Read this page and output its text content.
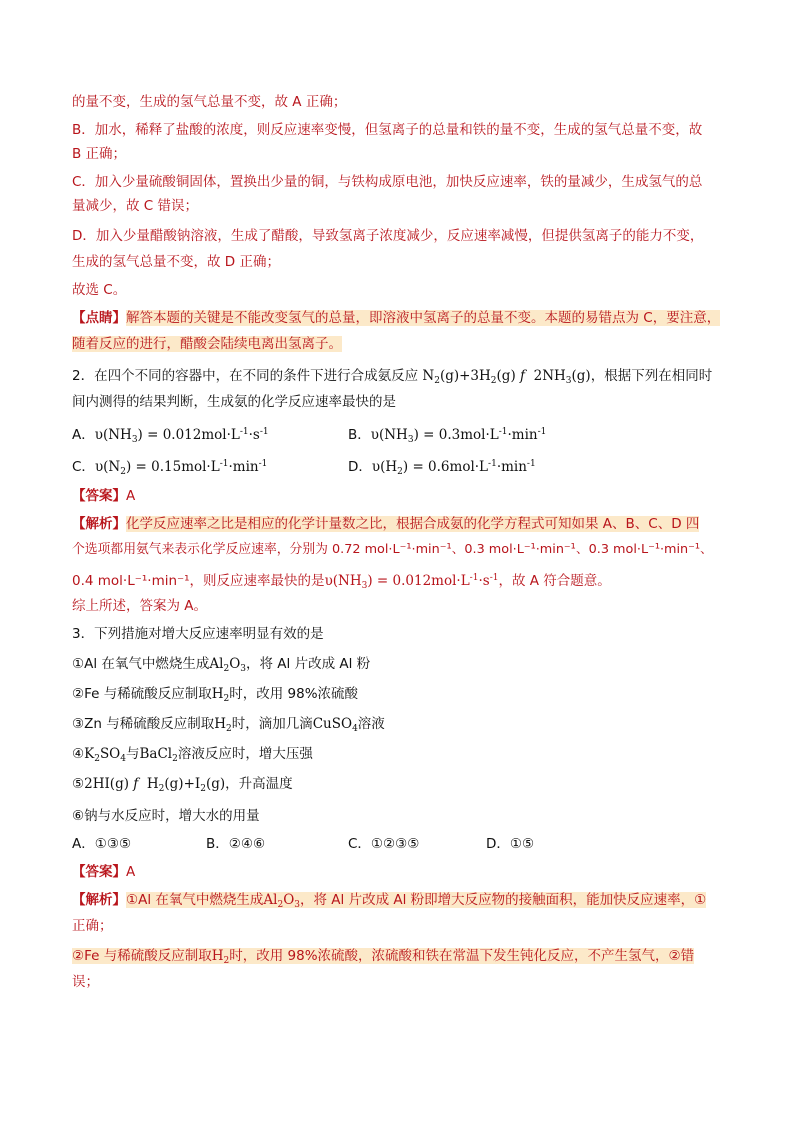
的量不变，生成的氢气总量不变，故 A 正确；
B．加水，稀释了盐酸的浓度，则反应速率变慢，但氢离子的总量和铁的量不变，生成的氢气总量不变，故
B 正确；
C．加入少量硫酸铜固体，置换出少量的铜，与铁构成原电池，加快反应速率，铁的量减少，生成氢气的总
量减少，故 C 错误；
D．加入少量醋酸钠溶液，生成了醋酸，导致氢离子浓度减少，反应速率减慢，但提供氢离子的能力不变，
生成的氢气总量不变，故 D 正确；
故选 C。
【点睛】解答本题的关键是不能改变氢气的总量，即溶液中氢离子的总量不变。本题的易错点为 C，要注意，
随着反应的进行，醋酸会陆续电离出氢离子。
2．在四个不同的容器中，在不同的条件下进行合成氨反应 $N_2(g)+3H_2(g)$ f  $2NH_3(g)$，根据下列在相同时
间内测得的结果判断，生成氨的化学反应速率最快的是
A．$\upsilon(NH_3) = 0.012mol\cdot L^{-1}\cdot s^{-1}$	B．$\upsilon(NH_3) = 0.3mol\cdot L^{-1}\cdot\min^{-1}$
C．$\upsilon(N_2) = 0.15mol\cdot L^{-1}\cdot\min^{-1}$	D．$\upsilon(H_2) = 0.6mol\cdot L^{-1}\cdot\min^{-1}$
【答案】A
【解析】化学反应速率之比是相应的化学计量数之比，根据合成氨的化学方程式可知如果 A、B、C、D 四
个选项都用氨气来表示化学反应速率，分别为 0.72 mol·L⁻¹·min⁻¹、0.3 mol·L⁻¹·min⁻¹、0.3 mol·L⁻¹·min⁻¹、
0.4 mol·L⁻¹·min⁻¹，则反应速率最快的是$\upsilon(NH_3) = 0.012mol\cdot L^{-1}\cdot s^{-1}$，故 A 符合题意。
综上所述，答案为 A。
3．下列措施对增大反应速率明显有效的是
①Al 在氧气中燃烧生成$Al_2O_3$，将 Al 片改成 Al 粉
②Fe 与稀硫酸反应制取$H_2$时，改用 98%浓硫酸
③Zn 与稀硫酸反应制取$H_2$时，滴加几滴CuSO$_4$溶液
$④K_2SO_4$与BaCl$_2$溶液反应时，增大压强
⑤2HI(g) f  $H_2(g)+I_2(g)$，升高温度
⑥钠与水反应时，增大水的用量
A．①③⑤	B．②④⑥	C．①②③⑤	D．①⑤
【答案】A
【解析】①Al 在氧气中燃烧生成$Al_2O_3$，将 Al 片改成 Al 粉即增大反应物的接触面积，能加快反应速率，①
正确；
②Fe 与稀硫酸反应制取$H_2$时，改用 98%浓硫酸，浓硫酸和铁在常温下发生钝化反应，不产生氢气，②错
误；
